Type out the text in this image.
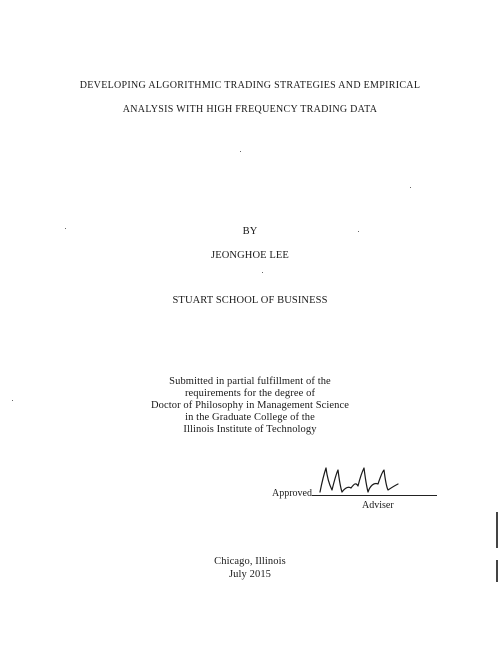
DEVELOPING ALGORITHMIC TRADING STRATEGIES AND EMPIRICAL
ANALYSIS WITH HIGH FREQUENCY TRADING DATA
BY
JEONGHOE LEE
STUART SCHOOL OF BUSINESS
Submitted in partial fulfillment of the
requirements for the degree of
Doctor of Philosophy in Management Science
in the Graduate College of the
Illinois Institute of Technology
Approved
Adviser
Chicago, Illinois
July 2015
